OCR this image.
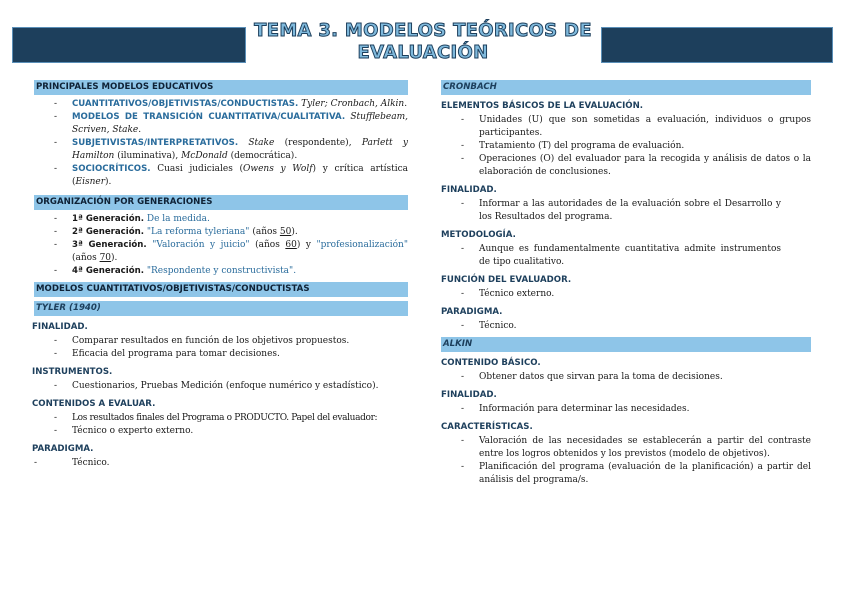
TEMA 3. MODELOS TEÓRICOS DE
EVALUACIÓN
PRINCIPALES MODELOS EDUCATIVOS
- CUANTITATIVOS/OBJETIVISTAS/CONDUCTISTAS. Tyler; Cronbach, Alkin.
- MODELOS DE TRANSICIÓN CUANTITATIVA/CUALITATIVA. Stufflebeam, Scriven, Stake.
- SUBJETIVISTAS/INTERPRETATIVOS. Stake (respondente), Parlett y Hamilton (iluminativa), McDonald (democrática).
- SOCIOCRÍTICOS. Cuasi judiciales (Owens y Wolf) y crítica artística (Eisner).
ORGANIZACIÓN POR GENERACIONES
- 1ª Generación. De la medida.
- 2ª Generación. "La reforma tyleriana" (años 50).
- 3ª Generación. "Valoración y juicio" (años 60) y "profesionalización" (años 70).
- 4ª Generación. "Respondente y constructivista".
MODELOS CUANTITATIVOS/OBJETIVISTAS/CONDUCTISTAS
TYLER (1940)
FINALIDAD.
- Comparar resultados en función de los objetivos propuestos.
- Eficacia del programa para tomar decisiones.
INSTRUMENTOS.
- Cuestionarios, Pruebas Medición (enfoque numérico y estadístico).
CONTENIDOS A EVALUAR.
- Los resultados finales del Programa o PRODUCTO. Papel del evaluador:
- Técnico o experto externo.
PARADIGMA.
- Técnico.
CRONBACH
ELEMENTOS BÁSICOS DE LA EVALUACIÓN.
- Unidades (U) que son sometidas a evaluación, individuos o grupos participantes.
- Tratamiento (T) del programa de evaluación.
- Operaciones (O) del evaluador para la recogida y análisis de datos o la elaboración de conclusiones.
FINALIDAD.
- Informar a las autoridades de la evaluación sobre el Desarrollo y los Resultados del programa.
METODOLOGÍA.
- Aunque es fundamentalmente cuantitativa admite instrumentos de tipo cualitativo.
FUNCIÓN DEL EVALUADOR.
- Técnico externo.
PARADIGMA.
- Técnico.
ALKIN
CONTENIDO BÁSICO.
- Obtener datos que sirvan para la toma de decisiones.
FINALIDAD.
- Información para determinar las necesidades.
CARACTERÍSTICAS.
- Valoración de las necesidades se establecerán a partir del contraste entre los logros obtenidos y los previstos (modelo de objetivos).
- Planificación del programa (evaluación de la planificación) a partir del análisis del programa/s.
